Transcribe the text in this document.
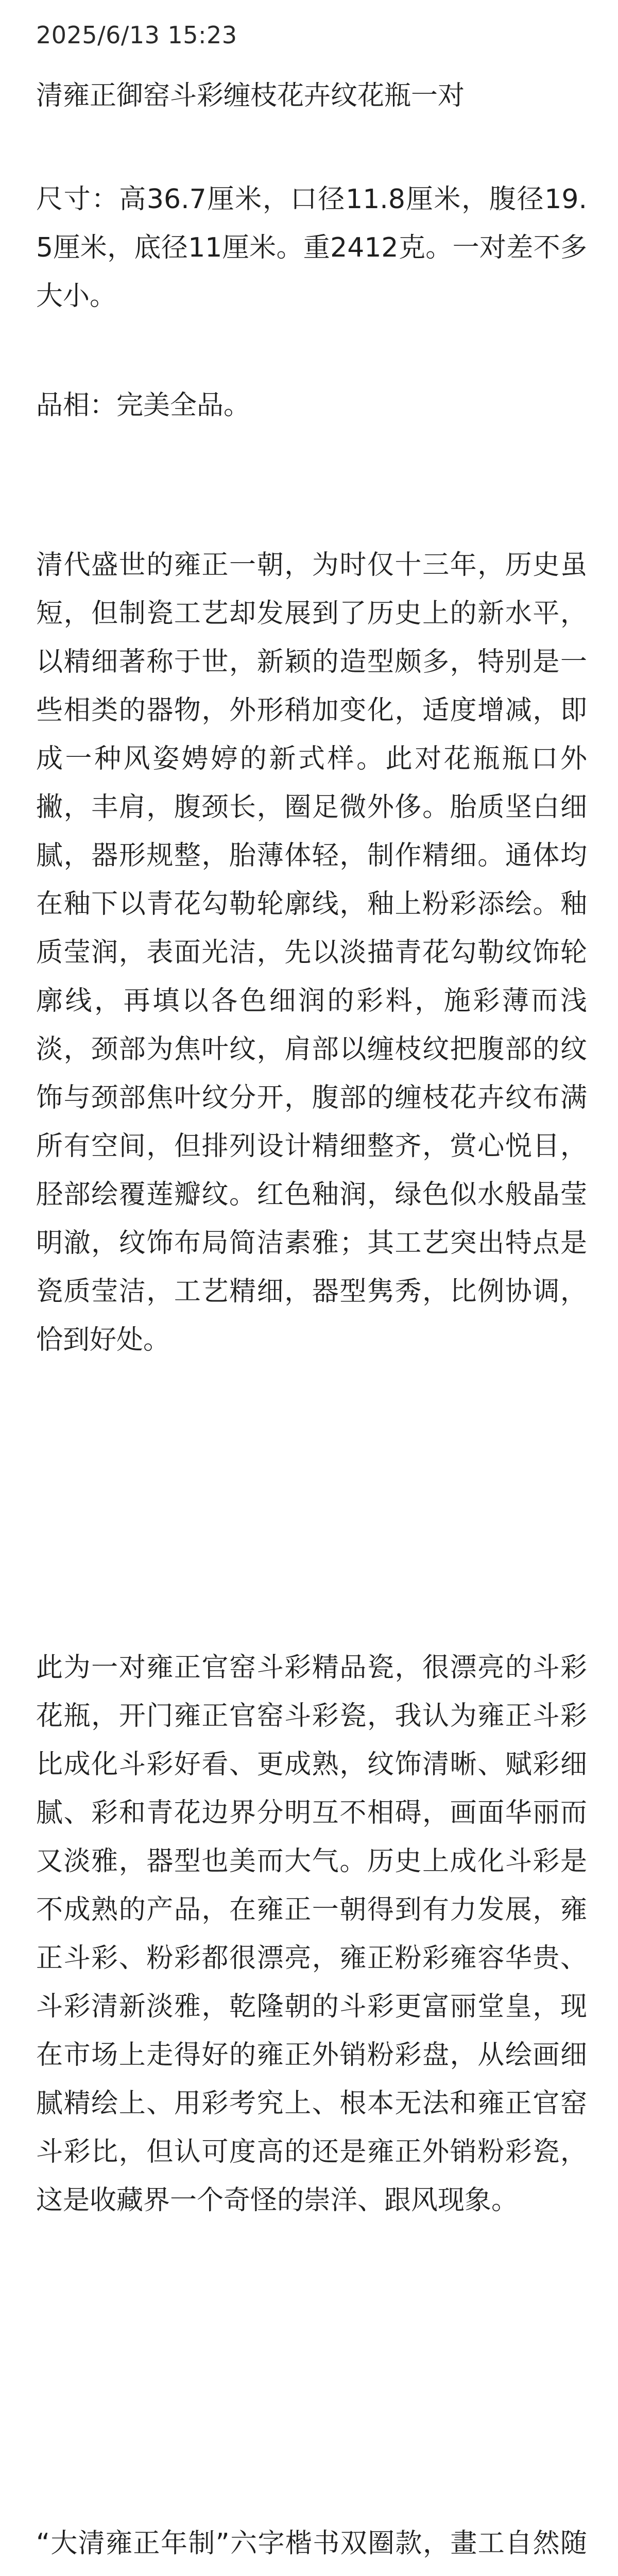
2025/6/13 15:23
清雍正御窑斗彩缠枝花卉纹花瓶一对
尺寸：高36.7厘米，口径11.8厘米，腹径19.5厘米，底径11厘米。重2412克。一对差不多大小。
品相：完美全品。
清代盛世的雍正一朝，为时仅十三年，历史虽短，但制瓷工艺却发展到了历史上的新水平，以精细著称于世，新颖的造型颇多，特别是一些相类的器物，外形稍加变化，适度增减，即成一种风姿娉婷的新式样。此对花瓶瓶口外撇，丰肩，腹颈长，圈足微外侈。胎质坚白细腻，器形规整，胎薄体轻，制作精细。通体均在釉下以青花勾勒轮廓线，釉上粉彩添绘。釉质莹润，表面光洁，先以淡描青花勾勒纹饰轮廓线，再填以各色细润的彩料，施彩薄而浅淡，颈部为焦叶纹，肩部以缠枝纹把腹部的纹饰与颈部焦叶纹分开，腹部的缠枝花卉纹布满所有空间，但排列设计精细整齐，赏心悦目，胫部绘覆莲瓣纹。红色釉润，绿色似水般晶莹明澈，纹饰布局简洁素雅；其工艺突出特点是瓷质莹洁，工艺精细，器型隽秀，比例协调，恰到好处。
此为一对雍正官窑斗彩精品瓷，很漂亮的斗彩花瓶，开门雍正官窑斗彩瓷，我认为雍正斗彩比成化斗彩好看、更成熟，纹饰清晰、赋彩细腻、彩和青花边界分明互不相碍，画面华丽而又淡雅，器型也美而大气。历史上成化斗彩是不成熟的产品，在雍正一朝得到有力发展，雍正斗彩、粉彩都很漂亮，雍正粉彩雍容华贵、斗彩清新淡雅，乾隆朝的斗彩更富丽堂皇，现在市场上走得好的雍正外销粉彩盘，从绘画细腻精绘上、用彩考究上、根本无法和雍正官窑斗彩比，但认可度高的还是雍正外销粉彩瓷，这是收藏界一个奇怪的崇洋、跟风现象。
“大清雍正年制”六字楷书双圈款，畫工自然随
